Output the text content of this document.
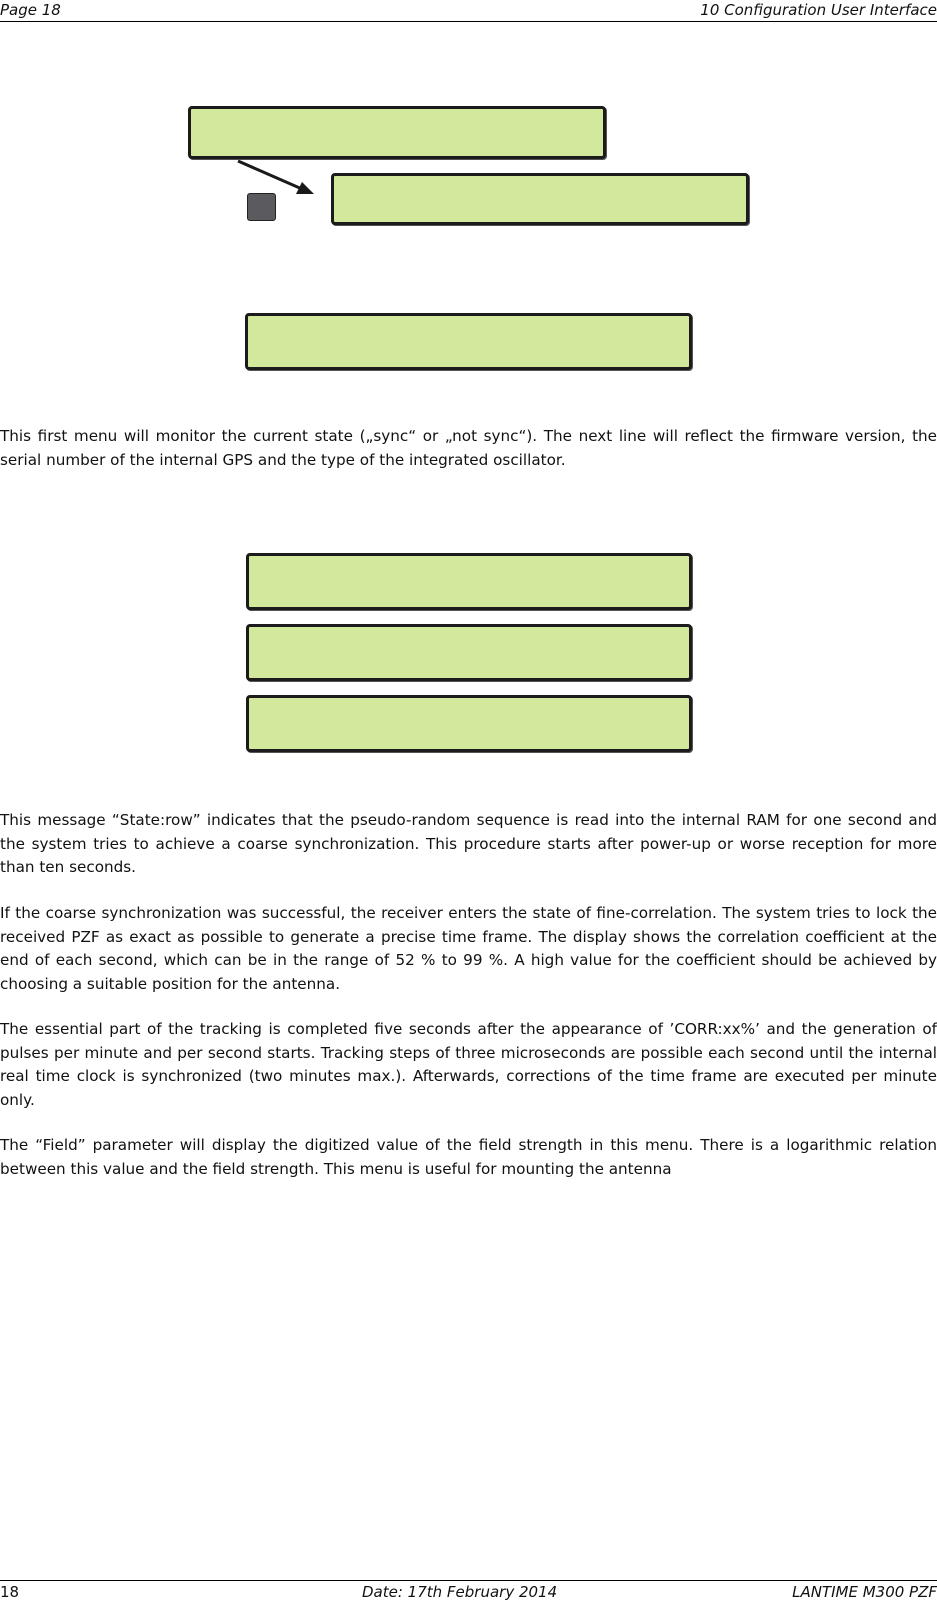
Page 18	10 Configuration User Interface

This first menu will monitor the current state („sync“ or „not sync“). The next line will reflect the firmware version, the serial number of the internal GPS and the type of the integrated oscillator.

This message “State:row” indicates that the pseudo-random sequence is read into the internal RAM for one second and the system tries to achieve a coarse synchronization. This procedure starts after power-up or worse reception for more than ten seconds.

If the coarse synchronization was successful, the receiver enters the state of fine-correlation. The system tries to lock the received PZF as exact as possible to generate a precise time frame. The display shows the correlation coefficient at the end of each second, which can be in the range of 52 % to 99 %. A high value for the coefficient should be achieved by choosing a suitable position for the antenna.

The essential part of the tracking is completed five seconds after the appearance of ’CORR:xx%’ and the generation of pulses per minute and per second starts. Tracking steps of three microseconds are possible each second until the internal real time clock is synchronized (two minutes max.). Afterwards, corrections of the time frame are executed per minute only.

The “Field” parameter will display the digitized value of the field strength in this menu. There is a logarithmic relation between this value and the field strength. This menu is useful for mounting the antenna

18	Date: 17th February 2014	LANTIME M300 PZF
